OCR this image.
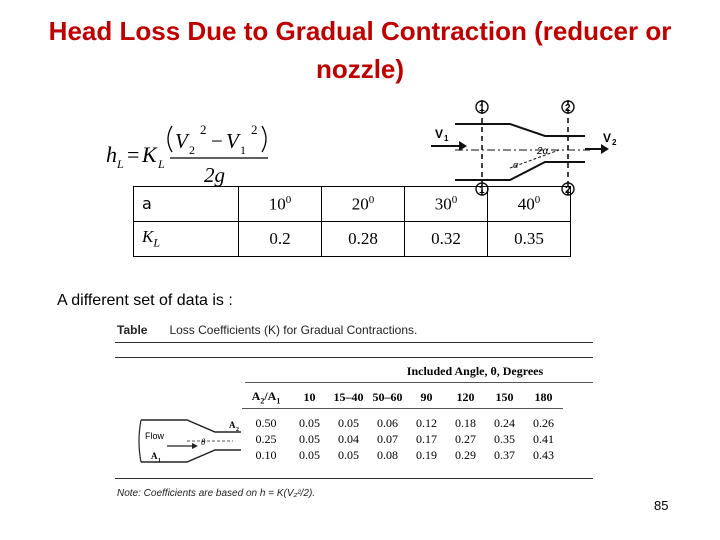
Head Loss Due to Gradual Contraction (reducer or nozzle)
h L = K L
V 2
2 − V 1
2
2g
1	2
1	2
V 1	V 2
2α
α
a	$10^0$	$20^0$	$30^0$	$40^0$
$K_L$	0.2	0.28	0.32	0.35
A different set of data is :
Table Loss Coefficients (K) for Gradual Contractions.
Included Angle, θ, Degrees
$A_2/A_1$	10	15–40	50–60	90	120	150	180

0.50	0.05	0.05	0.06	0.12	0.18	0.24	0.26
0.25	0.05	0.04	0.07	0.17	0.27	0.35	0.41
0.10	0.05	0.05	0.08	0.19	0.29	0.37	0.43
Flow
θ
A 1
A 2
Note: Coefficients are based on h = K(V₂²/2).
85
